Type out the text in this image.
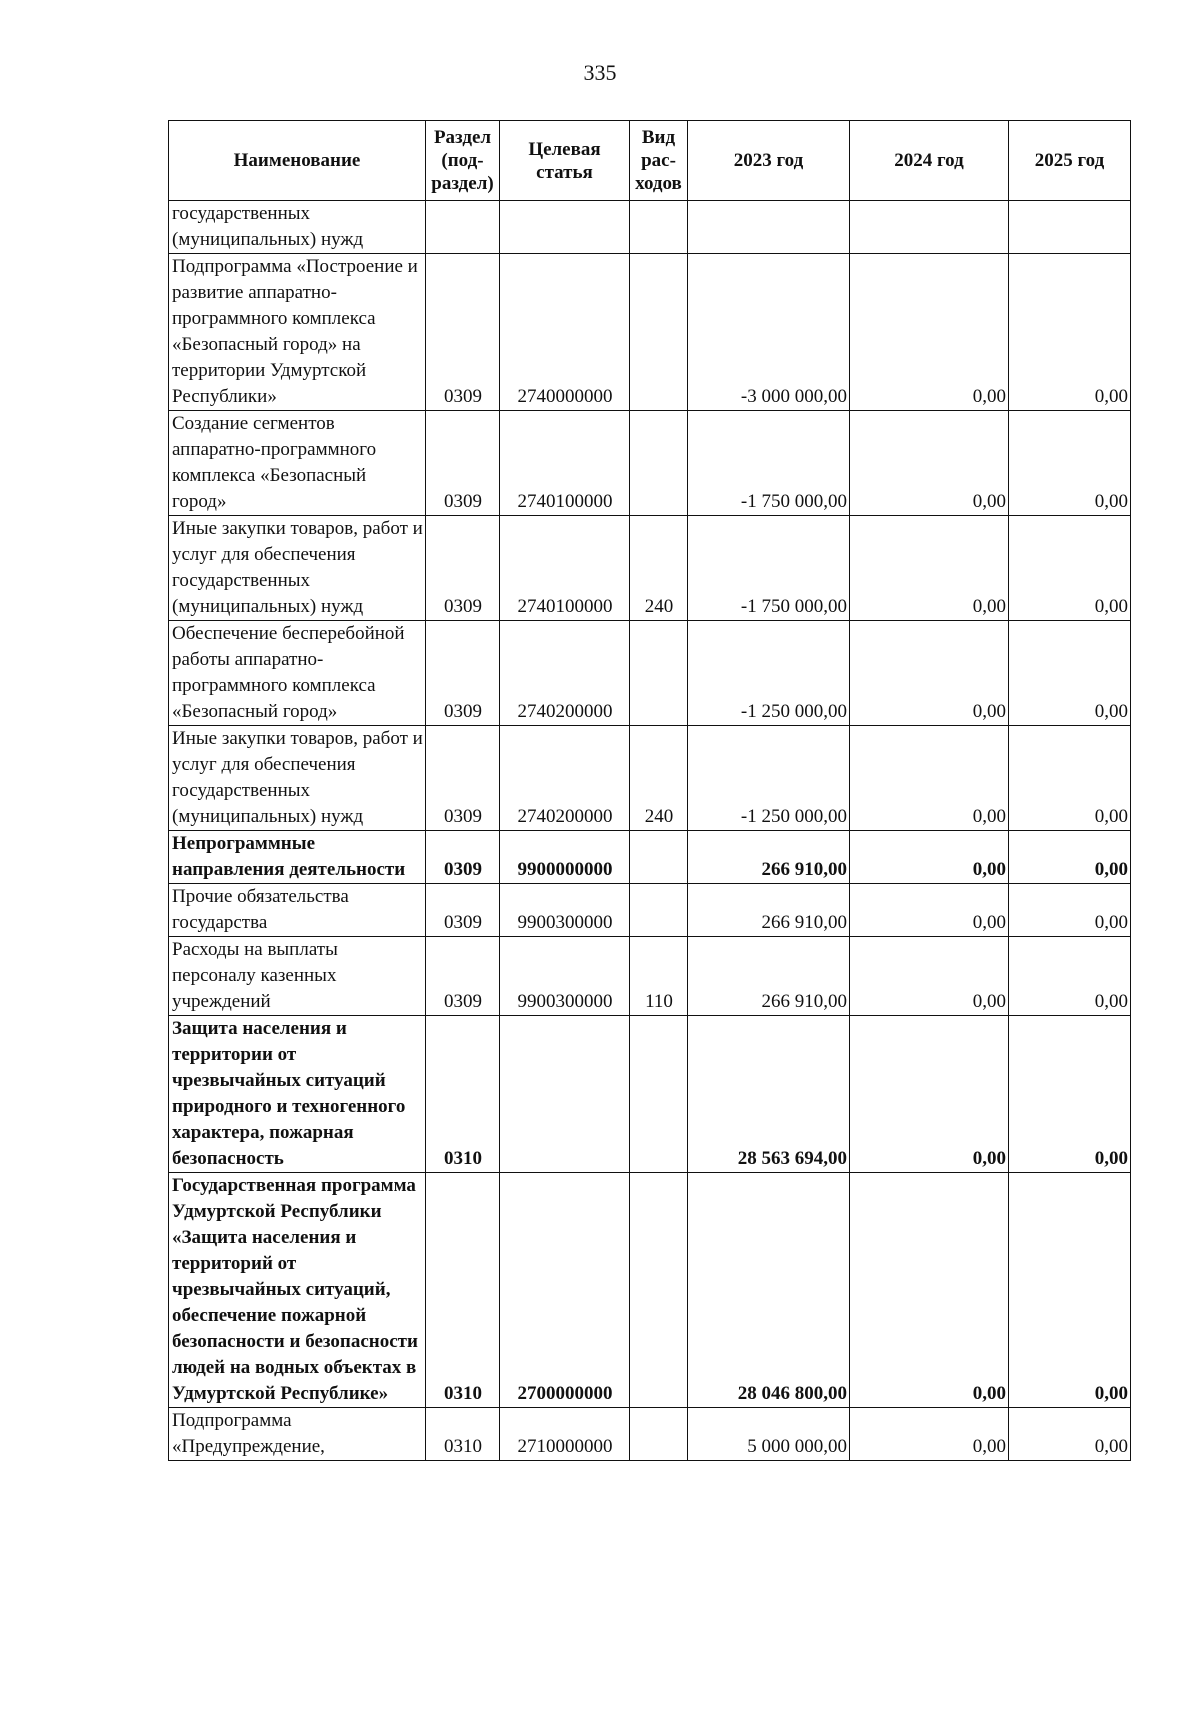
335
Наименование	Раздел (под-раздел)	Целевая статья	Вид рас-ходов	2023 год	2024 год	2025 год
государственных (муниципальных) нужд						
Подпрограмма «Построение и развитие аппаратно-программного комплекса «Безопасный город» на территории Удмуртской Республики»	0309	2740000000		-3 000 000,00	0,00	0,00
Создание сегментов аппаратно-программного комплекса «Безопасный город»	0309	2740100000		-1 750 000,00	0,00	0,00
Иные закупки товаров, работ и услуг для обеспечения государственных (муниципальных) нужд	0309	2740100000	240	-1 750 000,00	0,00	0,00
Обеспечение бесперебойной работы аппаратно-программного комплекса «Безопасный город»	0309	2740200000		-1 250 000,00	0,00	0,00
Иные закупки товаров, работ и услуг для обеспечения государственных (муниципальных) нужд	0309	2740200000	240	-1 250 000,00	0,00	0,00
Непрограммные направления деятельности	0309	9900000000		266 910,00	0,00	0,00
Прочие обязательства государства	0309	9900300000		266 910,00	0,00	0,00
Расходы на выплаты персоналу казенных учреждений	0309	9900300000	110	266 910,00	0,00	0,00
Защита населения и территории от чрезвычайных ситуаций природного и техногенного характера, пожарная безопасность	0310			28 563 694,00	0,00	0,00
Государственная программа Удмуртской Республики «Защита населения и территорий от чрезвычайных ситуаций, обеспечение пожарной безопасности и безопасности людей на водных объектах в Удмуртской Республике»	0310	2700000000		28 046 800,00	0,00	0,00
Подпрограмма «Предупреждение,	0310	2710000000		5 000 000,00	0,00	0,00
